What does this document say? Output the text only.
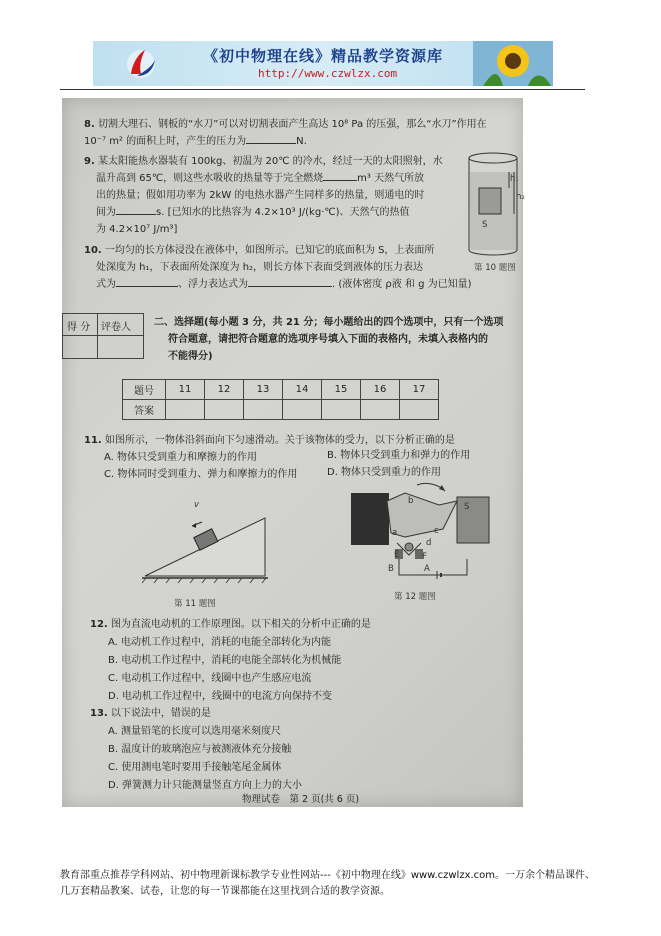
《初中物理在线》精品教学资源库
http://www.czwlzx.com
8. 切割大理石、钢板的“水刀”可以对切割表面产生高达 10⁸ Pa 的压强，那么“水刀”作用在
10⁻⁷ m² 的面积上时，产生的压力为	N.
9. 某太阳能热水器装有 100kg、初温为 20℃ 的冷水，经过一天的太阳照射，水
温升高到 65℃，则这些水吸收的热量等于完全燃烧	m³ 天然气所放
出的热量；假如用功率为 2kW 的电热水器产生同样多的热量，则通电的时
间为	s. [已知水的比热容为 4.2×10³ J/(kg·℃)、天然气的热值
为 4.2×10⁷ J/m³]
h₁
h₂
S
第 10 题图
10. 一均匀的长方体浸没在液体中，如图所示。已知它的底面积为 S，上表面所
处深度为 h₁，下表面所处深度为 h₂，则长方体下表面受到液体的压力表达
式为	、浮力表达式为	. (液体密度 ρ液 和 g 为已知量)
得 分 评卷人 二、选择题(每小题 3 分，共 21 分；每小题给出的四个选项中，只有一个选项
符合题意，请把符合题意的选项序号填入下面的表格内，未填入表格内的
不能得分)
题号	11	12	13	14	15	16	17
答案							
11. 如图所示，一物体沿斜面向下匀速滑动。关于该物体的受力，以下分析正确的是
A. 物体只受到重力和摩擦力的作用	B. 物体只受到重力和弹力的作用
C. 物体同时受到重力、弹力和摩擦力的作用	D. 物体只受到重力的作用
v
第 11 题图
N	S
b
c
a
d
E	F
B	A
第 12 题图
12. 图为直流电动机的工作原理图。以下相关的分析中正确的是
A. 电动机工作过程中，消耗的电能全部转化为内能
B. 电动机工作过程中，消耗的电能全部转化为机械能
C. 电动机工作过程中，线圈中也产生感应电流
D. 电动机工作过程中，线圈中的电流方向保持不变
13. 以下说法中，错误的是
A. 测量铅笔的长度可以选用毫米刻度尺
B. 温度计的玻璃泡应与被测液体充分接触
C. 使用测电笔时要用手接触笔尾金属体
D. 弹簧测力计只能测量竖直方向上力的大小
物理试卷　第 2 页(共 6 页)
教育部重点推荐学科网站、初中物理新课标教学专业性网站---《初中物理在线》www.czwlzx.com。一万余个精品课件、
几万套精品教案、试卷，让您的每一节课都能在这里找到合适的教学资源。
